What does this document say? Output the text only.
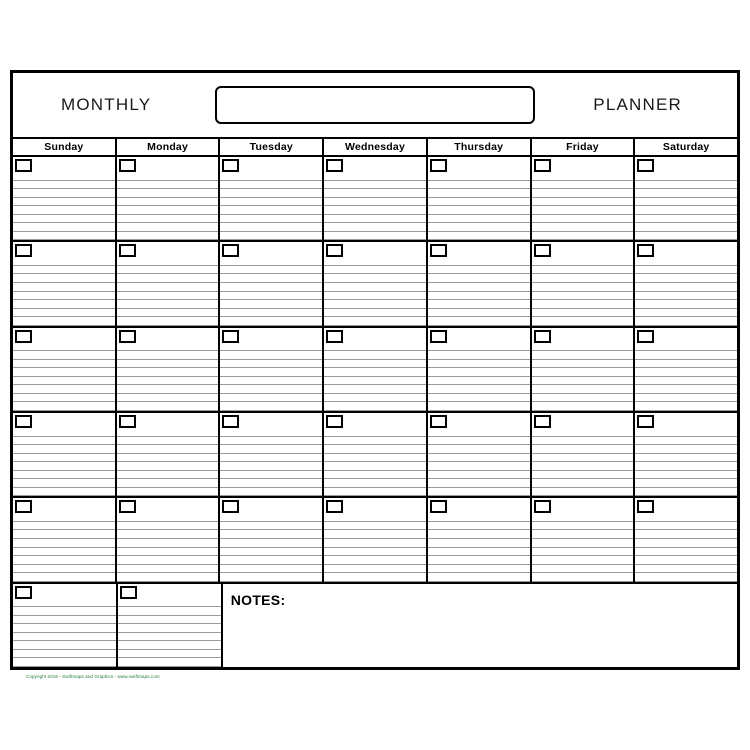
MONTHLY	PLANNER
Sunday	Monday	Tuesday	Wednesday	Thursday	Friday	Saturday
NOTES:
Copyright 2018 - Swiftmaps and Graphics - www.swiftmaps.com
